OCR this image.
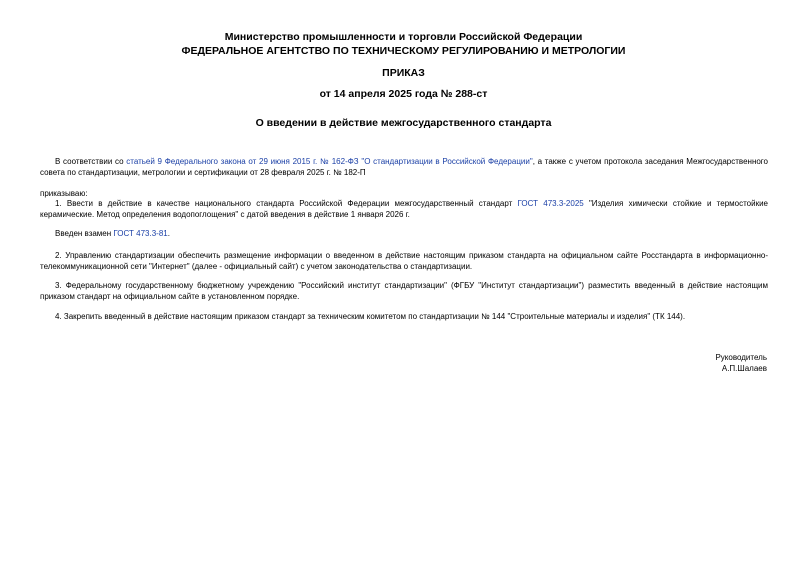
Министерство промышленности и торговли Российской Федерации
ФЕДЕРАЛЬНОЕ АГЕНТСТВО ПО ТЕХНИЧЕСКОМУ РЕГУЛИРОВАНИЮ И МЕТРОЛОГИИ
ПРИКАЗ
от 14 апреля 2025 года № 288-ст
О введении в действие межгосударственного стандарта
В соответствии со статьей 9 Федерального закона от 29 июня 2015 г. № 162-ФЗ "О стандартизации в Российской Федерации", а также с учетом протокола заседания Межгосударственного совета по стандартизации, метрологии и сертификации от 28 февраля 2025 г. № 182-П
приказываю:
1. Ввести в действие в качестве национального стандарта Российской Федерации межгосударственный стандарт ГОСТ 473.3-2025 "Изделия химически стойкие и термостойкие керамические. Метод определения водопоглощения" с датой введения в действие 1 января 2026 г.
Введен взамен ГОСТ 473.3-81.
2. Управлению стандартизации обеспечить размещение информации о введенном в действие настоящим приказом стандарта на официальном сайте Росстандарта в информационно-телекоммуникационной сети "Интернет" (далее - официальный сайт) с учетом законодательства о стандартизации.
3. Федеральному государственному бюджетному учреждению "Российский институт стандартизации" (ФГБУ "Институт стандартизации") разместить введенный в действие настоящим приказом стандарт на официальном сайте в установленном порядке.
4. Закрепить введенный в действие настоящим приказом стандарт за техническим комитетом по стандартизации № 144 "Строительные материалы и изделия" (ТК 144).
Руководитель
А.П.Шалаев
